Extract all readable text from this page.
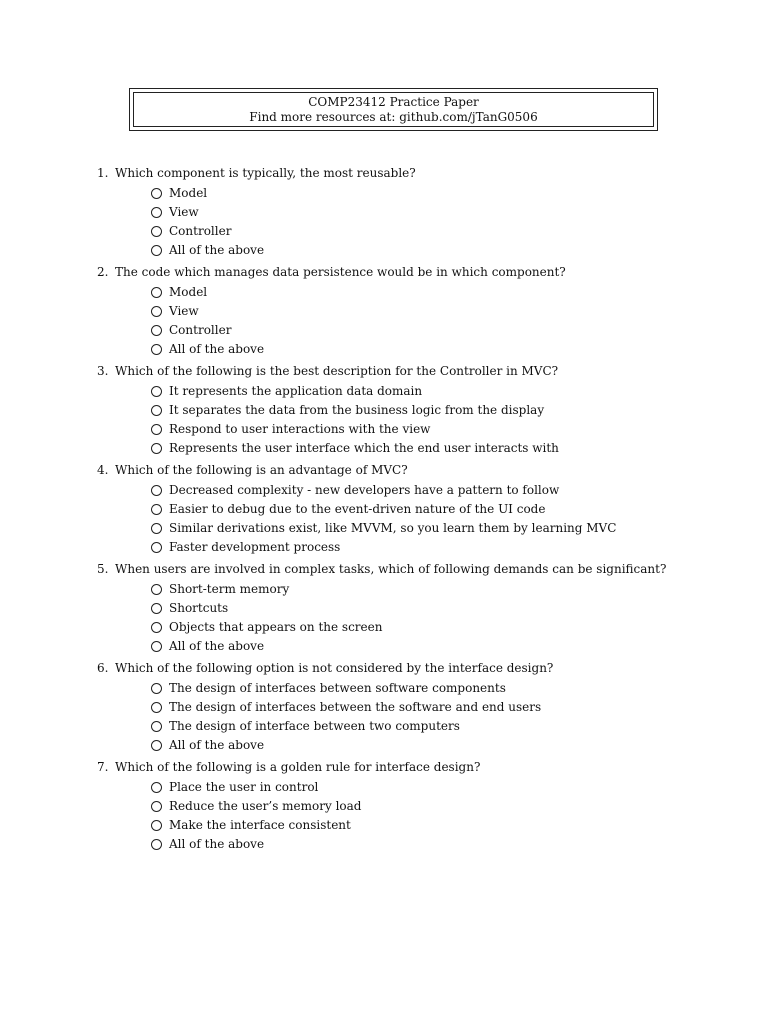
COMP23412 Practice Paper
Find more resources at: github.com/jTanG0506
1. Which component is typically, the most reusable?
Model
View
Controller
All of the above
2. The code which manages data persistence would be in which component?
Model
View
Controller
All of the above
3. Which of the following is the best description for the Controller in MVC?
It represents the application data domain
It separates the data from the business logic from the display
Respond to user interactions with the view
Represents the user interface which the end user interacts with
4. Which of the following is an advantage of MVC?
Decreased complexity - new developers have a pattern to follow
Easier to debug due to the event-driven nature of the UI code
Similar derivations exist, like MVVM, so you learn them by learning MVC
Faster development process
5. When users are involved in complex tasks, which of following demands can be significant?
Short-term memory
Shortcuts
Objects that appears on the screen
All of the above
6. Which of the following option is not considered by the interface design?
The design of interfaces between software components
The design of interfaces between the software and end users
The design of interface between two computers
All of the above
7. Which of the following is a golden rule for interface design?
Place the user in control
Reduce the user’s memory load
Make the interface consistent
All of the above
